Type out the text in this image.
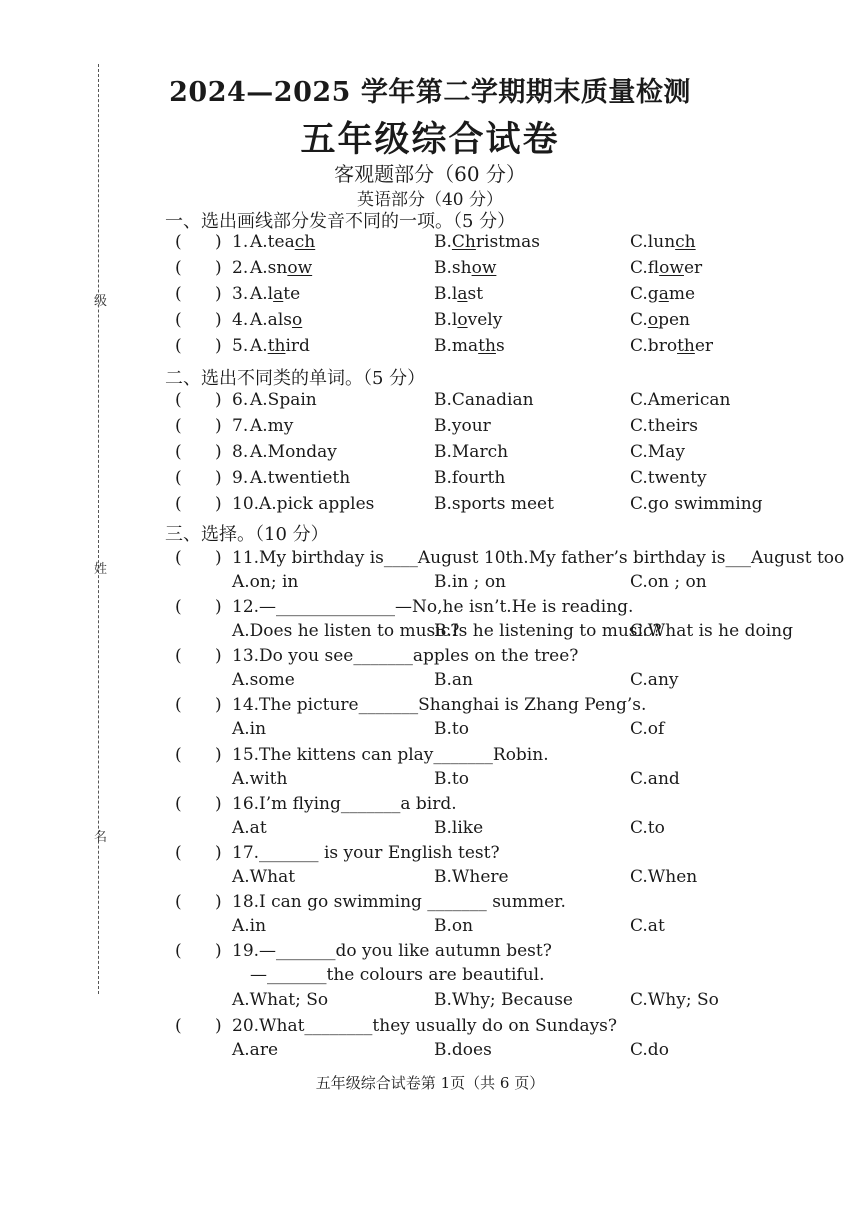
级
姓
名
2024—2025 学年第二学期期末质量检测
五年级综合试卷
客观题部分（60 分）
英语部分（40 分）
一、选出画线部分发音不同的一项。（5 分）
( ) 1. A.teach	B.Christmas	C.lunch
( ) 2. A.snow	B.show	C.flower
( ) 3. A.late	B.last	C.game
( ) 4. A.also	B.lovely	C.open
( ) 5. A.third	B.maths	C.brother
二、选出不同类的单词。（5 分）
( ) 6. A.Spain	B.Canadian	C.American
( ) 7. A.my	B.your	C.theirs
( ) 8. A.Monday	B.March	C.May
( ) 9. A.twentieth	B.fourth	C.twenty
( ) 10. A.pick apples	B.sports meet	C.go swimming
三、选择。（10 分）
( ) 11.My birthday is____August 10th.My father’s birthday is___August too
A.on; in	B.in ; on	C.on ; on
( ) 12.—______________—No,he isn’t.He is reading.
A.Does he listen to music?
B.Is he listening to music?
C.What is he doing
( ) 13.Do you see_______apples on the tree?
A.some	B.an	C.any
( ) 14.The picture_______Shanghai is Zhang Peng’s.
A.in	B.to	C.of
( ) 15.The kittens can play_______Robin.
A.with	B.to	C.and
( ) 16.I’m flying_______a bird.
A.at	B.like	C.to
( ) 17._______ is your English test?
A.What	B.Where	C.When
( ) 18.I can go swimming _______ summer.
A.in	B.on	C.at
( ) 19.—_______do you like autumn best?
—_______the colours are beautiful.
A.What; So	B.Why; Because	C.Why; So
( ) 20.What________they usually do on Sundays?
A.are	B.does	C.do
五年级综合试卷第 1页（共 6 页）
